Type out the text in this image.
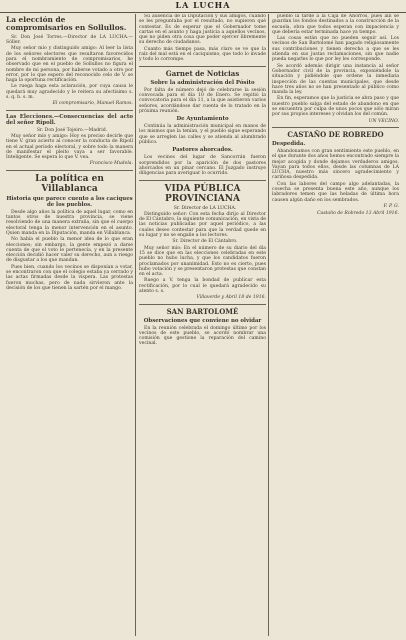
LA LUCHA
La elección de compromisarios en Sollullos.

Sr. Don José Torres.—Director de LA LUCHA.—Sóller.

Muy señor mío y distinguido amigo: Al leer la lista de los señores electores que resultaron favorecidos para el nombramiento de compromisarios, he observado que en el pueblo de Sollullos no figura el nombre de mi persona, por haberse votado a otro por error, por lo que espero del reconocido celo de V. se haga la oportuna rectificación.

Le ruega haga esta aclaración, por cuya causa le quedará muy agradecido y le reitera su afectísimo s. s. q. b. s. m.

El compromisario, Manuel Ramos.
Las Elecciones.—Consecuencias del acto del señor Ripoll.

Sr. Don José Tojeiro.—Madrid.

Muy señor mío y amigo: Hoy es preciso decirle que tiene V. gran acierto al conocer la conducta de Ripoll en el actual período electoral, y sobre todo la manera de manifestar el pleito vaya a ser favorable. Inteligente. Se espera lo que V. vea.

Francisco Mudela.
La política en Villablanca
Historia que parece cuento a los caciques de los pueblos.

Desde algo años la política de aquel lugar, como en tantos otros de nuestra provincia, se viene resolviendo de una manera extraña, sin que el cuerpo electoral tenga la menor intervención en el asunto. Quien manda en la Diputación, manda en Villablanca.

No había el pueblo la menor idea de lo que eran elecciones; sin embargo, la gente empezó a darse cuenta de que el voto le pertenecía, y en la presente elección decidió hacer valer su derecho, aun a riesgo de disgustar a los que mandan.

Pues bien, cuando los vecinos se disponían a votar, se encontraron con que el colegio estaba ya cerrado y las actas firmadas desde la víspera. Las protestas fueron muchas, pero de nada sirvieron ante la decisión de los que tienen la sartén por el mango.

Su ausencia de la Diputación y sus amigos, cuando se les preguntaba por el resultado, no supieron qué contestar. Es de esperar que el Gobernador tome cartas en el asunto y haga justicia a aquellos vecinos, que no piden otra cosa que poder ejercer libremente su derecho de ciudadanos.

Cuanto más tiempo pasa, más claro se ve que la raíz del mal está en el caciquismo, que todo lo invade y todo lo corrompe.

Garnet de Noticias
Sobre la administración del Pósito

Por falta de número dejó de celebrarse la sesión convocada para el día 10 de Enero. Se repitió la convocatoria para el día 11, a la que asistieron varios señores, acordándose dar cuenta de lo tratado en la próxima reunión.

De Ayuntamiento

Continúa la administración municipal en manos de los mismos que la tenían, y el pueblo sigue esperando que se arreglen las calles y se atienda al alumbrado público.

Pastores ahorcados.

Los vecinos del lugar de Sancorrán fueron sorprendidos por la aparición de dos pastores ahorcados en un pinar cercano. El Juzgado instruye diligencias para averiguar lo ocurrido.

VIDA PÚBLICA PROVINCIANA

Sr. Director de LA LUCHA.

Distinguido señor: Con esta fecha dirijo al Director de El Cántabro, la siguiente comunicación, en vista de las noticias publicadas por aquel periódico, a las cuales deseo contestar para que la verdad quede en su lugar y no se engañe a los lectores.

Sr. Director de El Cántabro.

Muy señor mío: En el número de su diario del día 15 se dice que en las elecciones celebradas en este pueblo no hubo lucha, y que los candidatos fueron proclamados por unanimidad. Esto no es cierto, pues hubo votación y se presentaron protestas que constan en el acta.

Ruego a V. tenga la bondad de publicar esta rectificación, por lo cual le quedará agradecido su atento s. s.

Villaverde y Abril 18 de 1916.
SAN BARTOLOMÉ
Observaciones que conviene no olvidar

En la reunión celebrada el domingo último por los vecinos de este pueblo, se acordó nombrar una comisión que gestione la reparación del camino vecinal.

pueblo la tarde a la Caja de Ahorros, pues allí se guardan los fondos destinados a la construcción de la escuela, obra que todos esperan con impaciencia y que debería estar terminada hace ya tiempo.

Las cosas están que no pueden seguir así. Los vecinos de San Bartolomé han pagado religiosamente sus contribuciones y tienen derecho a que se les atienda en sus justas reclamaciones, sin que nadie pueda negarles lo que por ley les corresponde.

Se acordó además dirigir una instancia al señor Gobernador civil de la provincia, exponiéndole la situación y pidiéndole que ordene la inmediata inspección de las cuentas municipales, que desde hace tres años no se han presentado al público como manda la ley.

En fin, esperamos que la justicia se abra paso y que nuestro pueblo salga del estado de abandono en que se encuentra por culpa de unos pocos que sólo miran por sus propios intereses y olvidan los del común.

UN VECINO.
CASTAÑO DE ROBREDO
Despedida.

Abandonamos con gran sentimiento este pueblo, en el que durante dos años hemos encontrado siempre la mejor acogida y donde dejamos verdaderos amigos. Vayan para todos ellos, desde las columnas de LA LUCHA, nuestro más sincero agradecimiento y cariñosa despedida.

Con las labores del campo algo adelantadas, la cosecha se presenta buena este año, aunque los labradores temen que las heladas de última hora causen algún daño en los sembrados.

F. P. G.
Castaño de Robredo 13 Abril 1916.
